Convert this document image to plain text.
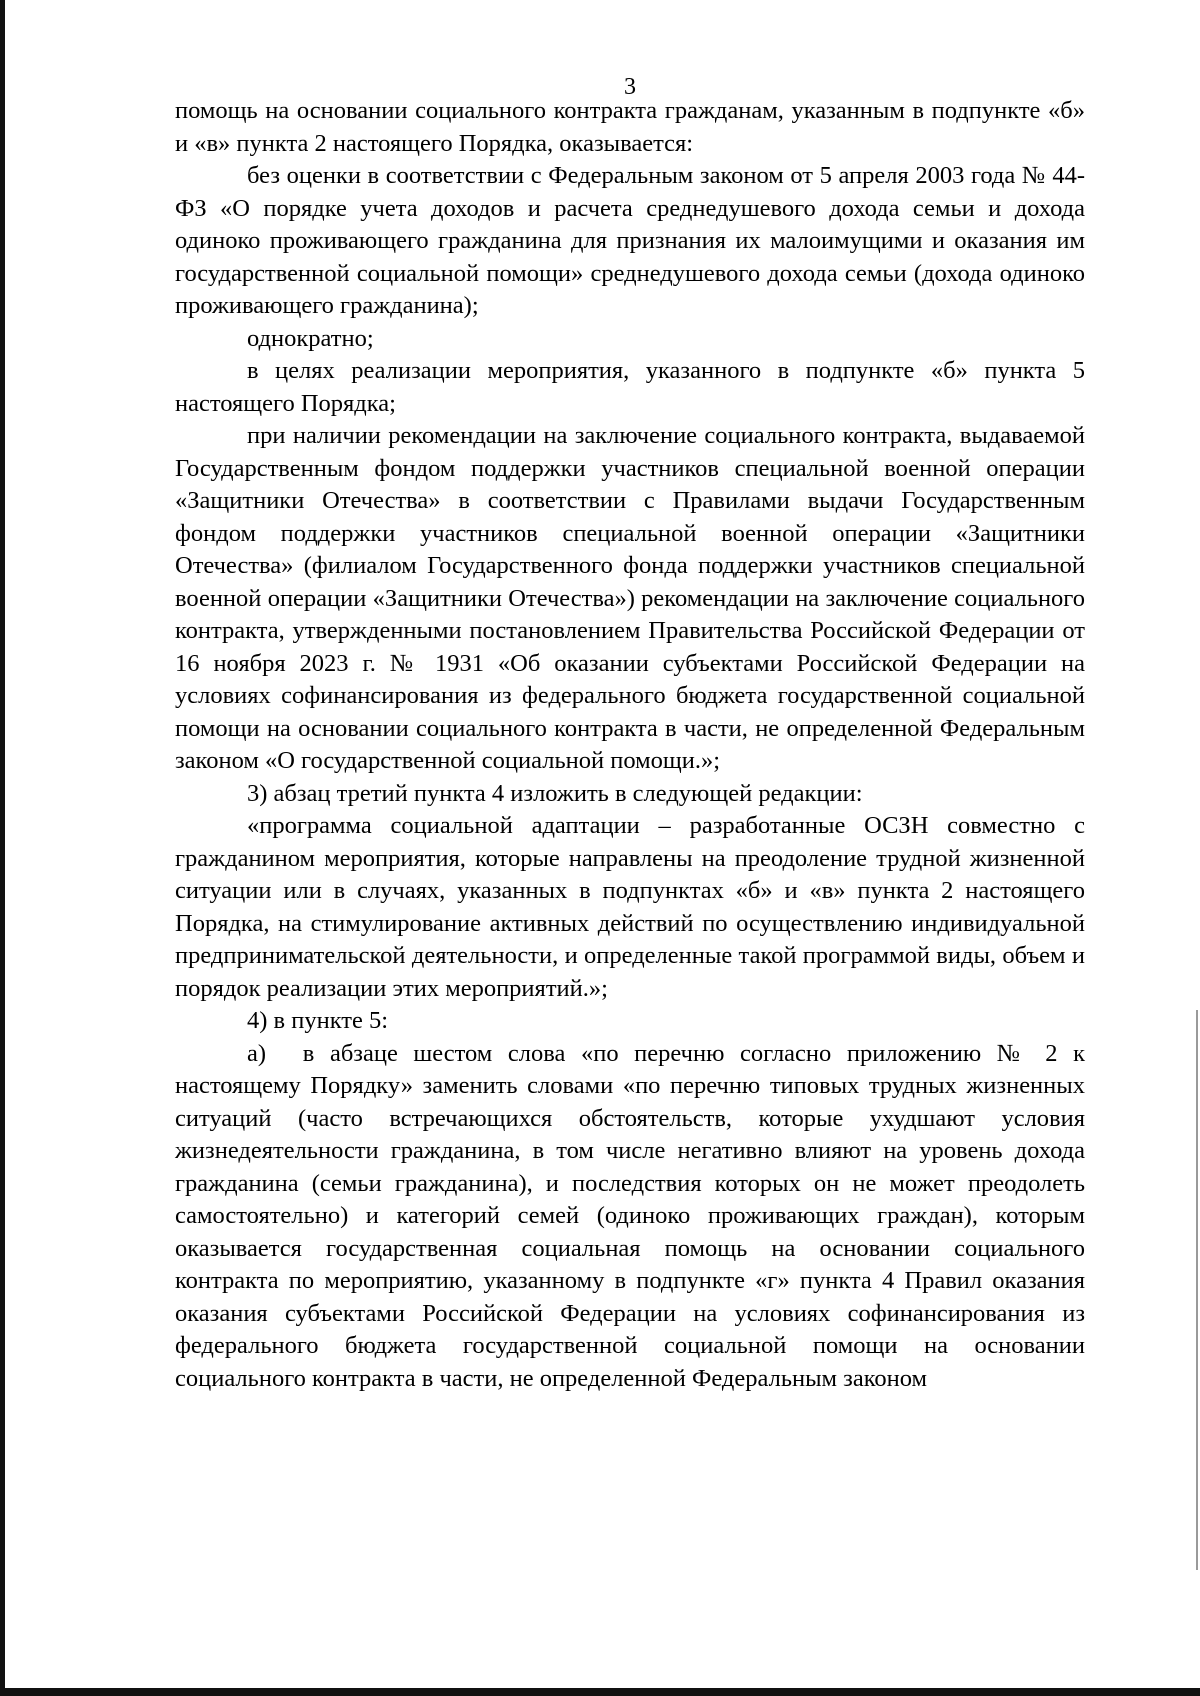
3

помощь на основании социального контракта гражданам, указанным в подпункте «б» и «в» пункта 2 настоящего Порядка, оказывается:

без оценки в соответствии с Федеральным законом от 5 апреля 2003 года № 44-ФЗ «О порядке учета доходов и расчета среднедушевого дохода семьи и дохода одиноко проживающего гражданина для признания их малоимущими и оказания им государственной социальной помощи» среднедушевого дохода семьи (дохода одиноко проживающего гражданина);

однократно;

в целях реализации мероприятия, указанного в подпункте «б» пункта 5 настоящего Порядка;

при наличии рекомендации на заключение социального контракта, выдаваемой Государственным фондом поддержки участников специальной военной операции «Защитники Отечества» в соответствии с Правилами выдачи Государственным фондом поддержки участников специальной военной операции «Защитники Отечества» (филиалом Государственного фонда поддержки участников специальной военной операции «Защитники Отечества») рекомендации на заключение социального контракта, утвержденными постановлением Правительства Российской Федерации от 16 ноября 2023 г. № 1931 «Об оказании субъектами Российской Федерации на условиях софинансирования из федерального бюджета государственной социальной помощи на основании социального контракта в части, не определенной Федеральным законом «О государственной социальной помощи.»;

3) абзац третий пункта 4 изложить в следующей редакции:

«программа социальной адаптации – разработанные ОСЗН совместно с гражданином мероприятия, которые направлены на преодоление трудной жизненной ситуации или в случаях, указанных в подпунктах «б» и «в» пункта 2 настоящего Порядка, на стимулирование активных действий по осуществлению индивидуальной предпринимательской деятельности, и определенные такой программой виды, объем и порядок реализации этих мероприятий.»;

4) в пункте 5:

а)  в абзаце шестом слова «по перечню согласно приложению № 2 к настоящему Порядку» заменить словами «по перечню типовых трудных жизненных ситуаций (часто встречающихся обстоятельств, которые ухудшают условия жизнедеятельности гражданина, в том числе негативно влияют на уровень дохода гражданина (семьи гражданина), и последствия которых он не может преодолеть самостоятельно) и категорий семей (одиноко проживающих граждан), которым оказывается государственная социальная помощь на основании социального контракта по мероприятию, указанному в подпункте «г» пункта 4 Правил оказания оказания субъектами Российской Федерации на условиях софинансирования из федерального бюджета государственной социальной помощи на основании социального контракта в части, не определенной Федеральным законом
